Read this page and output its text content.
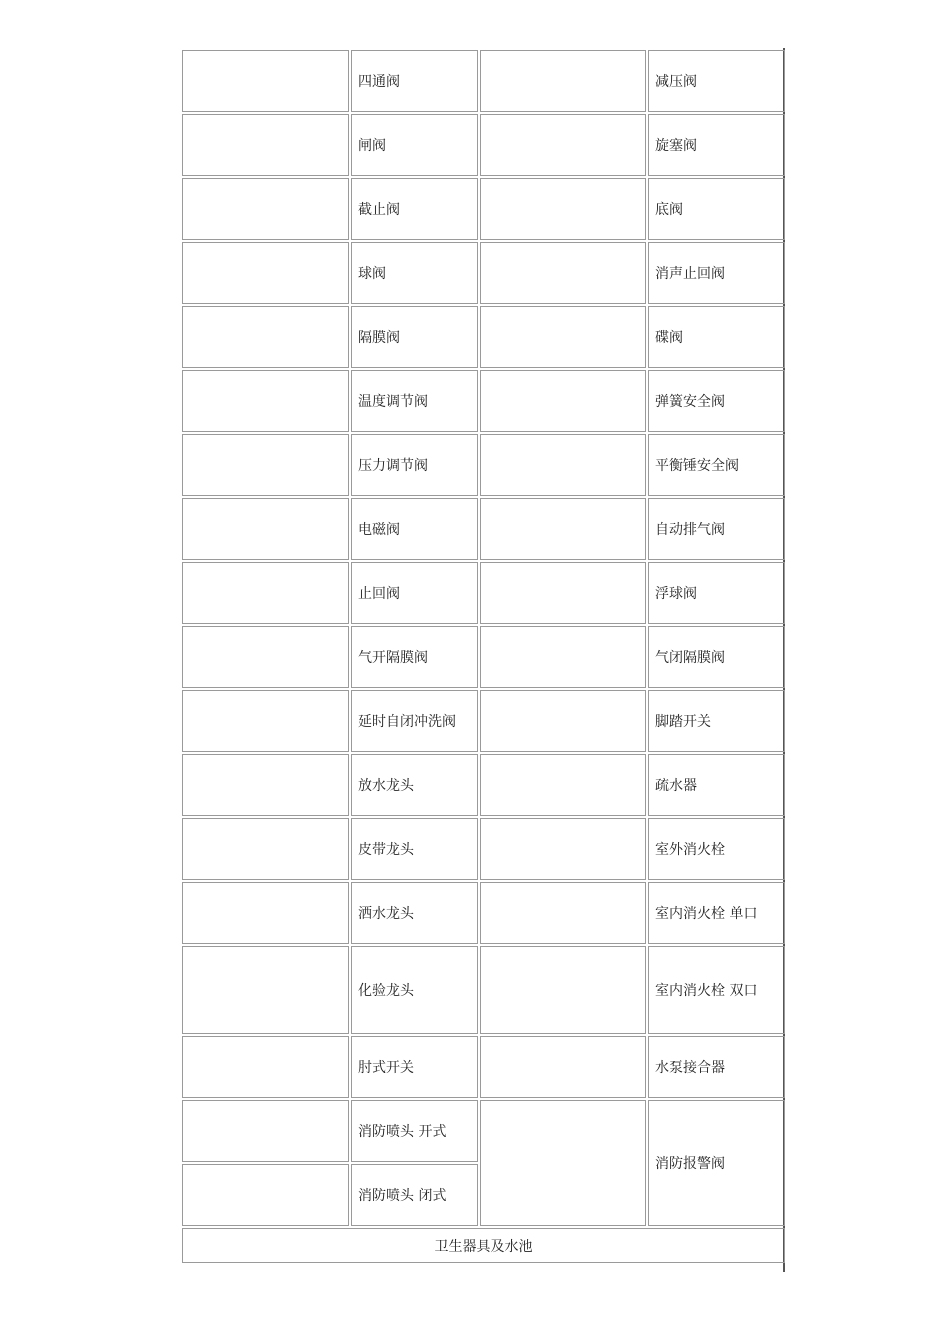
	四通阀		减压阀
	闸阀		旋塞阀
	截止阀		底阀
	球阀		消声止回阀
	隔膜阀		碟阀
	温度调节阀		弹簧安全阀
	压力调节阀		平衡锤安全阀
	电磁阀		自动排气阀
	止回阀		浮球阀
	气开隔膜阀		气闭隔膜阀
	延时自闭冲洗阀		脚踏开关
	放水龙头		疏水器
	皮带龙头		室外消火栓
	洒水龙头		室内消火栓 单口
	化验龙头		室内消火栓 双口
	肘式开关		水泵接合器
	消防喷头 开式		消防报警阀
	消防喷头 闭式		
卫生器具及水池			
